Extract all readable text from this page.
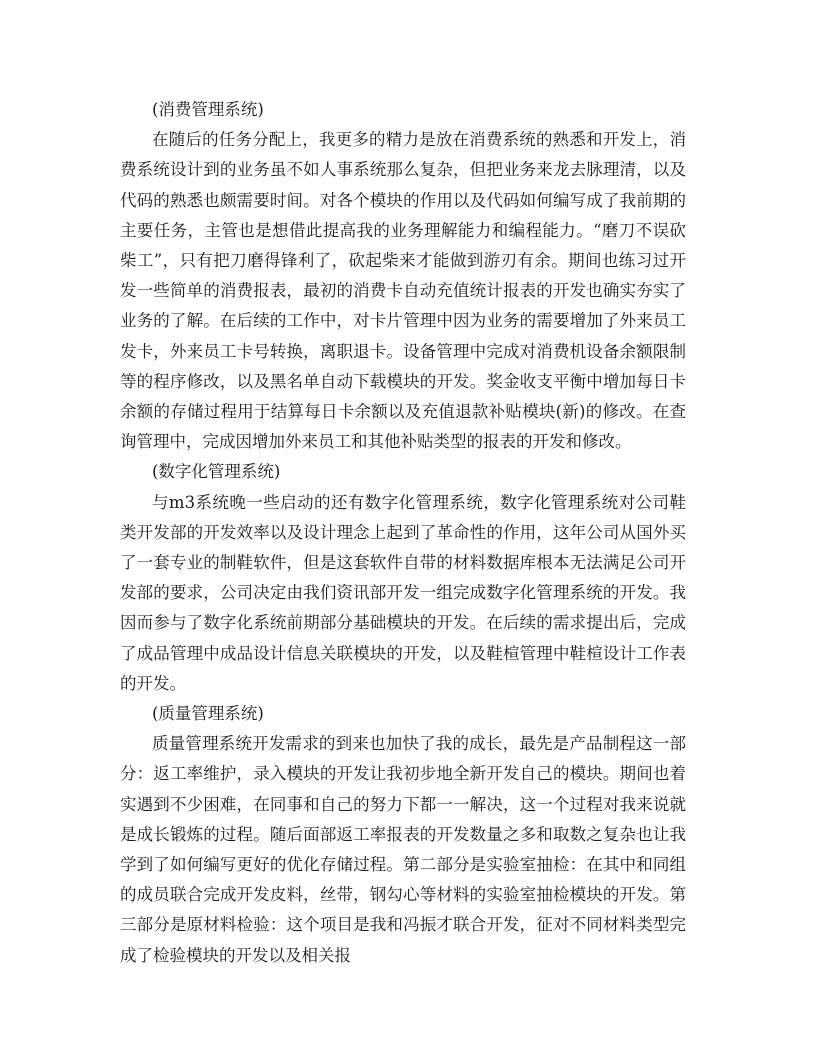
(消费管理系统)

在随后的任务分配上，我更多的精力是放在消费系统的熟悉和开发上，消费系统设计到的业务虽不如人事系统那么复杂，但把业务来龙去脉理清，以及代码的熟悉也颇需要时间。对各个模块的作用以及代码如何编写成了我前期的主要任务，主管也是想借此提高我的业务理解能力和编程能力。“磨刀不误砍柴工”，只有把刀磨得锋利了，砍起柴来才能做到游刃有余。期间也练习过开发一些简单的消费报表，最初的消费卡自动充值统计报表的开发也确实夯实了业务的了解。在后续的工作中，对卡片管理中因为业务的需要增加了外来员工发卡，外来员工卡号转换，离职退卡。设备管理中完成对消费机设备余额限制等的程序修改，以及黑名单自动下载模块的开发。奖金收支平衡中增加每日卡余额的存储过程用于结算每日卡余额以及充值退款补贴模块(新)的修改。在查询管理中，完成因增加外来员工和其他补贴类型的报表的开发和修改。

(数字化管理系统)

与m3系统晚一些启动的还有数字化管理系统，数字化管理系统对公司鞋类开发部的开发效率以及设计理念上起到了革命性的作用，这年公司从国外买了一套专业的制鞋软件，但是这套软件自带的材料数据库根本无法满足公司开发部的要求，公司决定由我们资讯部开发一组完成数字化管理系统的开发。我因而参与了数字化系统前期部分基础模块的开发。在后续的需求提出后，完成了成品管理中成品设计信息关联模块的开发，以及鞋楦管理中鞋楦设计工作表的开发。

(质量管理系统)

质量管理系统开发需求的到来也加快了我的成长，最先是产品制程这一部分：返工率维护，录入模块的开发让我初步地全新开发自己的模块。期间也着实遇到不少困难，在同事和自己的努力下都一一解决，这一个过程对我来说就是成长锻炼的过程。随后面部返工率报表的开发数量之多和取数之复杂也让我学到了如何编写更好的优化存储过程。第二部分是实验室抽检：在其中和同组的成员联合完成开发皮料，丝带，钢勾心等材料的实验室抽检模块的开发。第三部分是原材料检验：这个项目是我和冯振才联合开发，征对不同材料类型完成了检验模块的开发以及相关报
